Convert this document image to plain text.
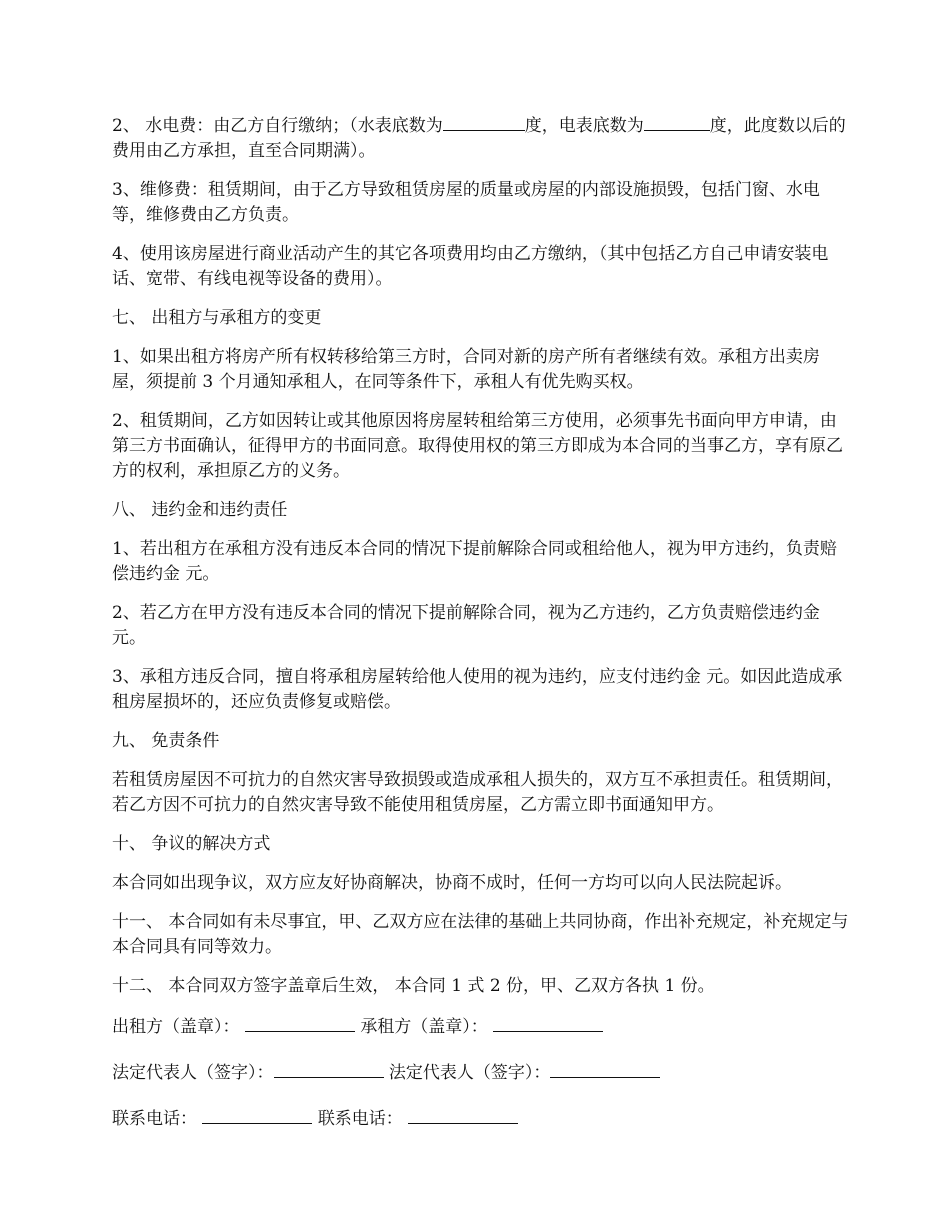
2、 水电费：由乙方自行缴纳；（水表底数为	度，电表底数为	度，此度数以后的费用由乙方承担，直至合同期满）。

3、维修费：租赁期间，由于乙方导致租赁房屋的质量或房屋的内部设施损毁，包括门窗、水电等，维修费由乙方负责。

4、使用该房屋进行商业活动产生的其它各项费用均由乙方缴纳，（其中包括乙方自己申请安装电话、宽带、有线电视等设备的费用）。

七、 出租方与承租方的变更

1、如果出租方将房产所有权转移给第三方时，合同对新的房产所有者继续有效。承租方出卖房屋，须提前 3 个月通知承租人，在同等条件下，承租人有优先购买权。

2、租赁期间，乙方如因转让或其他原因将房屋转租给第三方使用，必须事先书面向甲方申请，由第三方书面确认，征得甲方的书面同意。取得使用权的第三方即成为本合同的当事乙方，享有原乙方的权利，承担原乙方的义务。

八、 违约金和违约责任

1、若出租方在承租方没有违反本合同的情况下提前解除合同或租给他人，视为甲方违约，负责赔偿违约金 元。

2、若乙方在甲方没有违反本合同的情况下提前解除合同，视为乙方违约，乙方负责赔偿违约金 元。

3、承租方违反合同，擅自将承租房屋转给他人使用的视为违约，应支付违约金 元。如因此造成承租房屋损坏的，还应负责修复或赔偿。

九、 免责条件

若租赁房屋因不可抗力的自然灾害导致损毁或造成承租人损失的，双方互不承担责任。租赁期间，若乙方因不可抗力的自然灾害导致不能使用租赁房屋，乙方需立即书面通知甲方。

十、 争议的解决方式

本合同如出现争议，双方应友好协商解决，协商不成时，任何一方均可以向人民法院起诉。

十一、 本合同如有未尽事宜，甲、乙双方应在法律的基础上共同协商，作出补充规定，补充规定与本合同具有同等效力。

十二、 本合同双方签字盖章后生效， 本合同 1 式 2 份，甲、乙双方各执 1 份。

出租方（盖章）：	承租方（盖章）：
法定代表人（签字）：	法定代表人（签字）：
联系电话：	联系电话：
